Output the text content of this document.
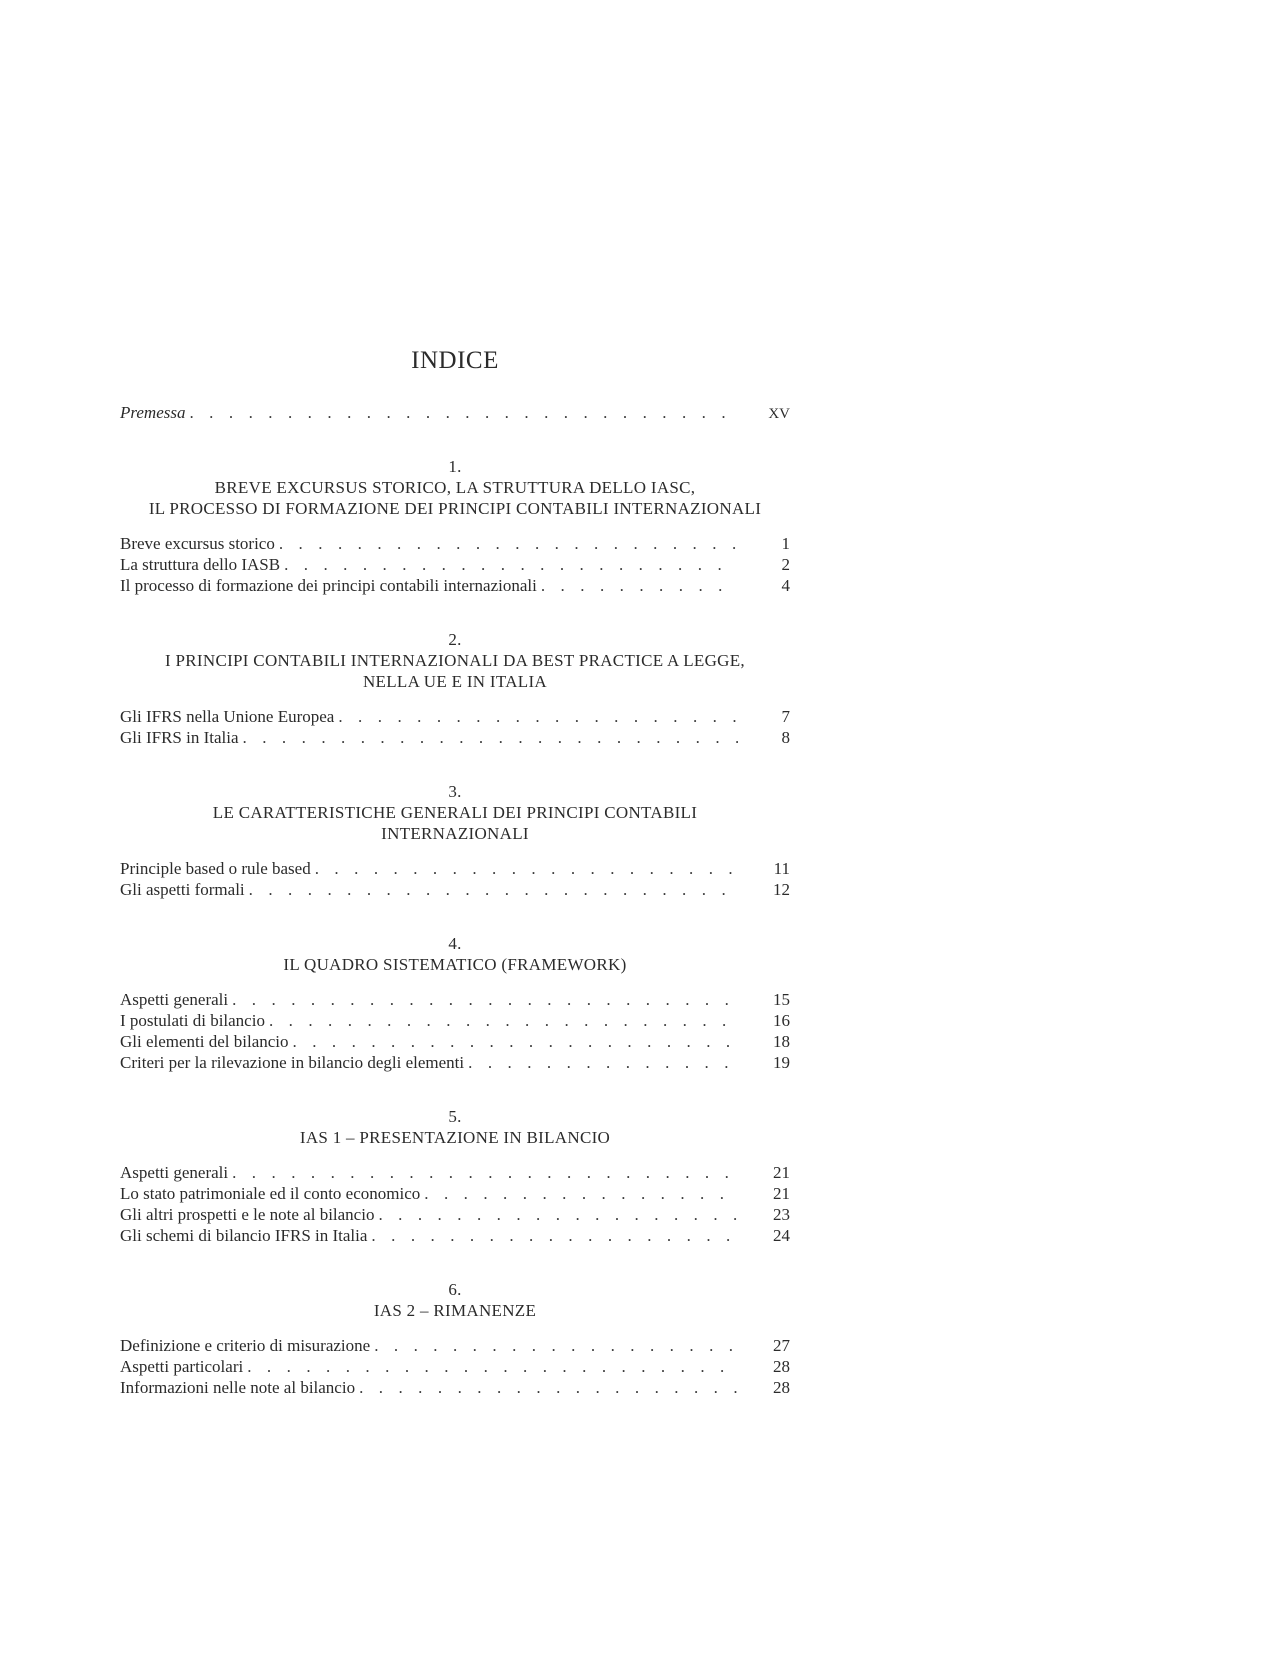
INDICE
Premessa . . .	XV
1.
BREVE EXCURSUS STORICO, LA STRUTTURA DELLO IASC,
IL PROCESSO DI FORMAZIONE DEI PRINCIPI CONTABILI INTERNAZIONALI
Breve excursus storico . . .	1
La struttura dello IASB . . .	2
Il processo di formazione dei principi contabili internazionali . . .	4
2.
I PRINCIPI CONTABILI INTERNAZIONALI DA BEST PRACTICE A LEGGE,
NELLA UE E IN ITALIA
Gli IFRS nella Unione Europea . . .	7
Gli IFRS in Italia . . .	8
3.
LE CARATTERISTICHE GENERALI DEI PRINCIPI CONTABILI
INTERNAZIONALI
Principle based o rule based . . .	11
Gli aspetti formali . . .	12
4.
IL QUADRO SISTEMATICO (FRAMEWORK)
Aspetti generali . . .	15
I postulati di bilancio . . .	16
Gli elementi del bilancio . . .	18
Criteri per la rilevazione in bilancio degli elementi . . .	19
5.
IAS 1 – PRESENTAZIONE IN BILANCIO
Aspetti generali . . .	21
Lo stato patrimoniale ed il conto economico . . .	21
Gli altri prospetti e le note al bilancio . . .	23
Gli schemi di bilancio IFRS in Italia . . .	24
6.
IAS 2 – RIMANENZE
Definizione e criterio di misurazione . . .	27
Aspetti particolari . . .	28
Informazioni nelle note al bilancio . . .	28
